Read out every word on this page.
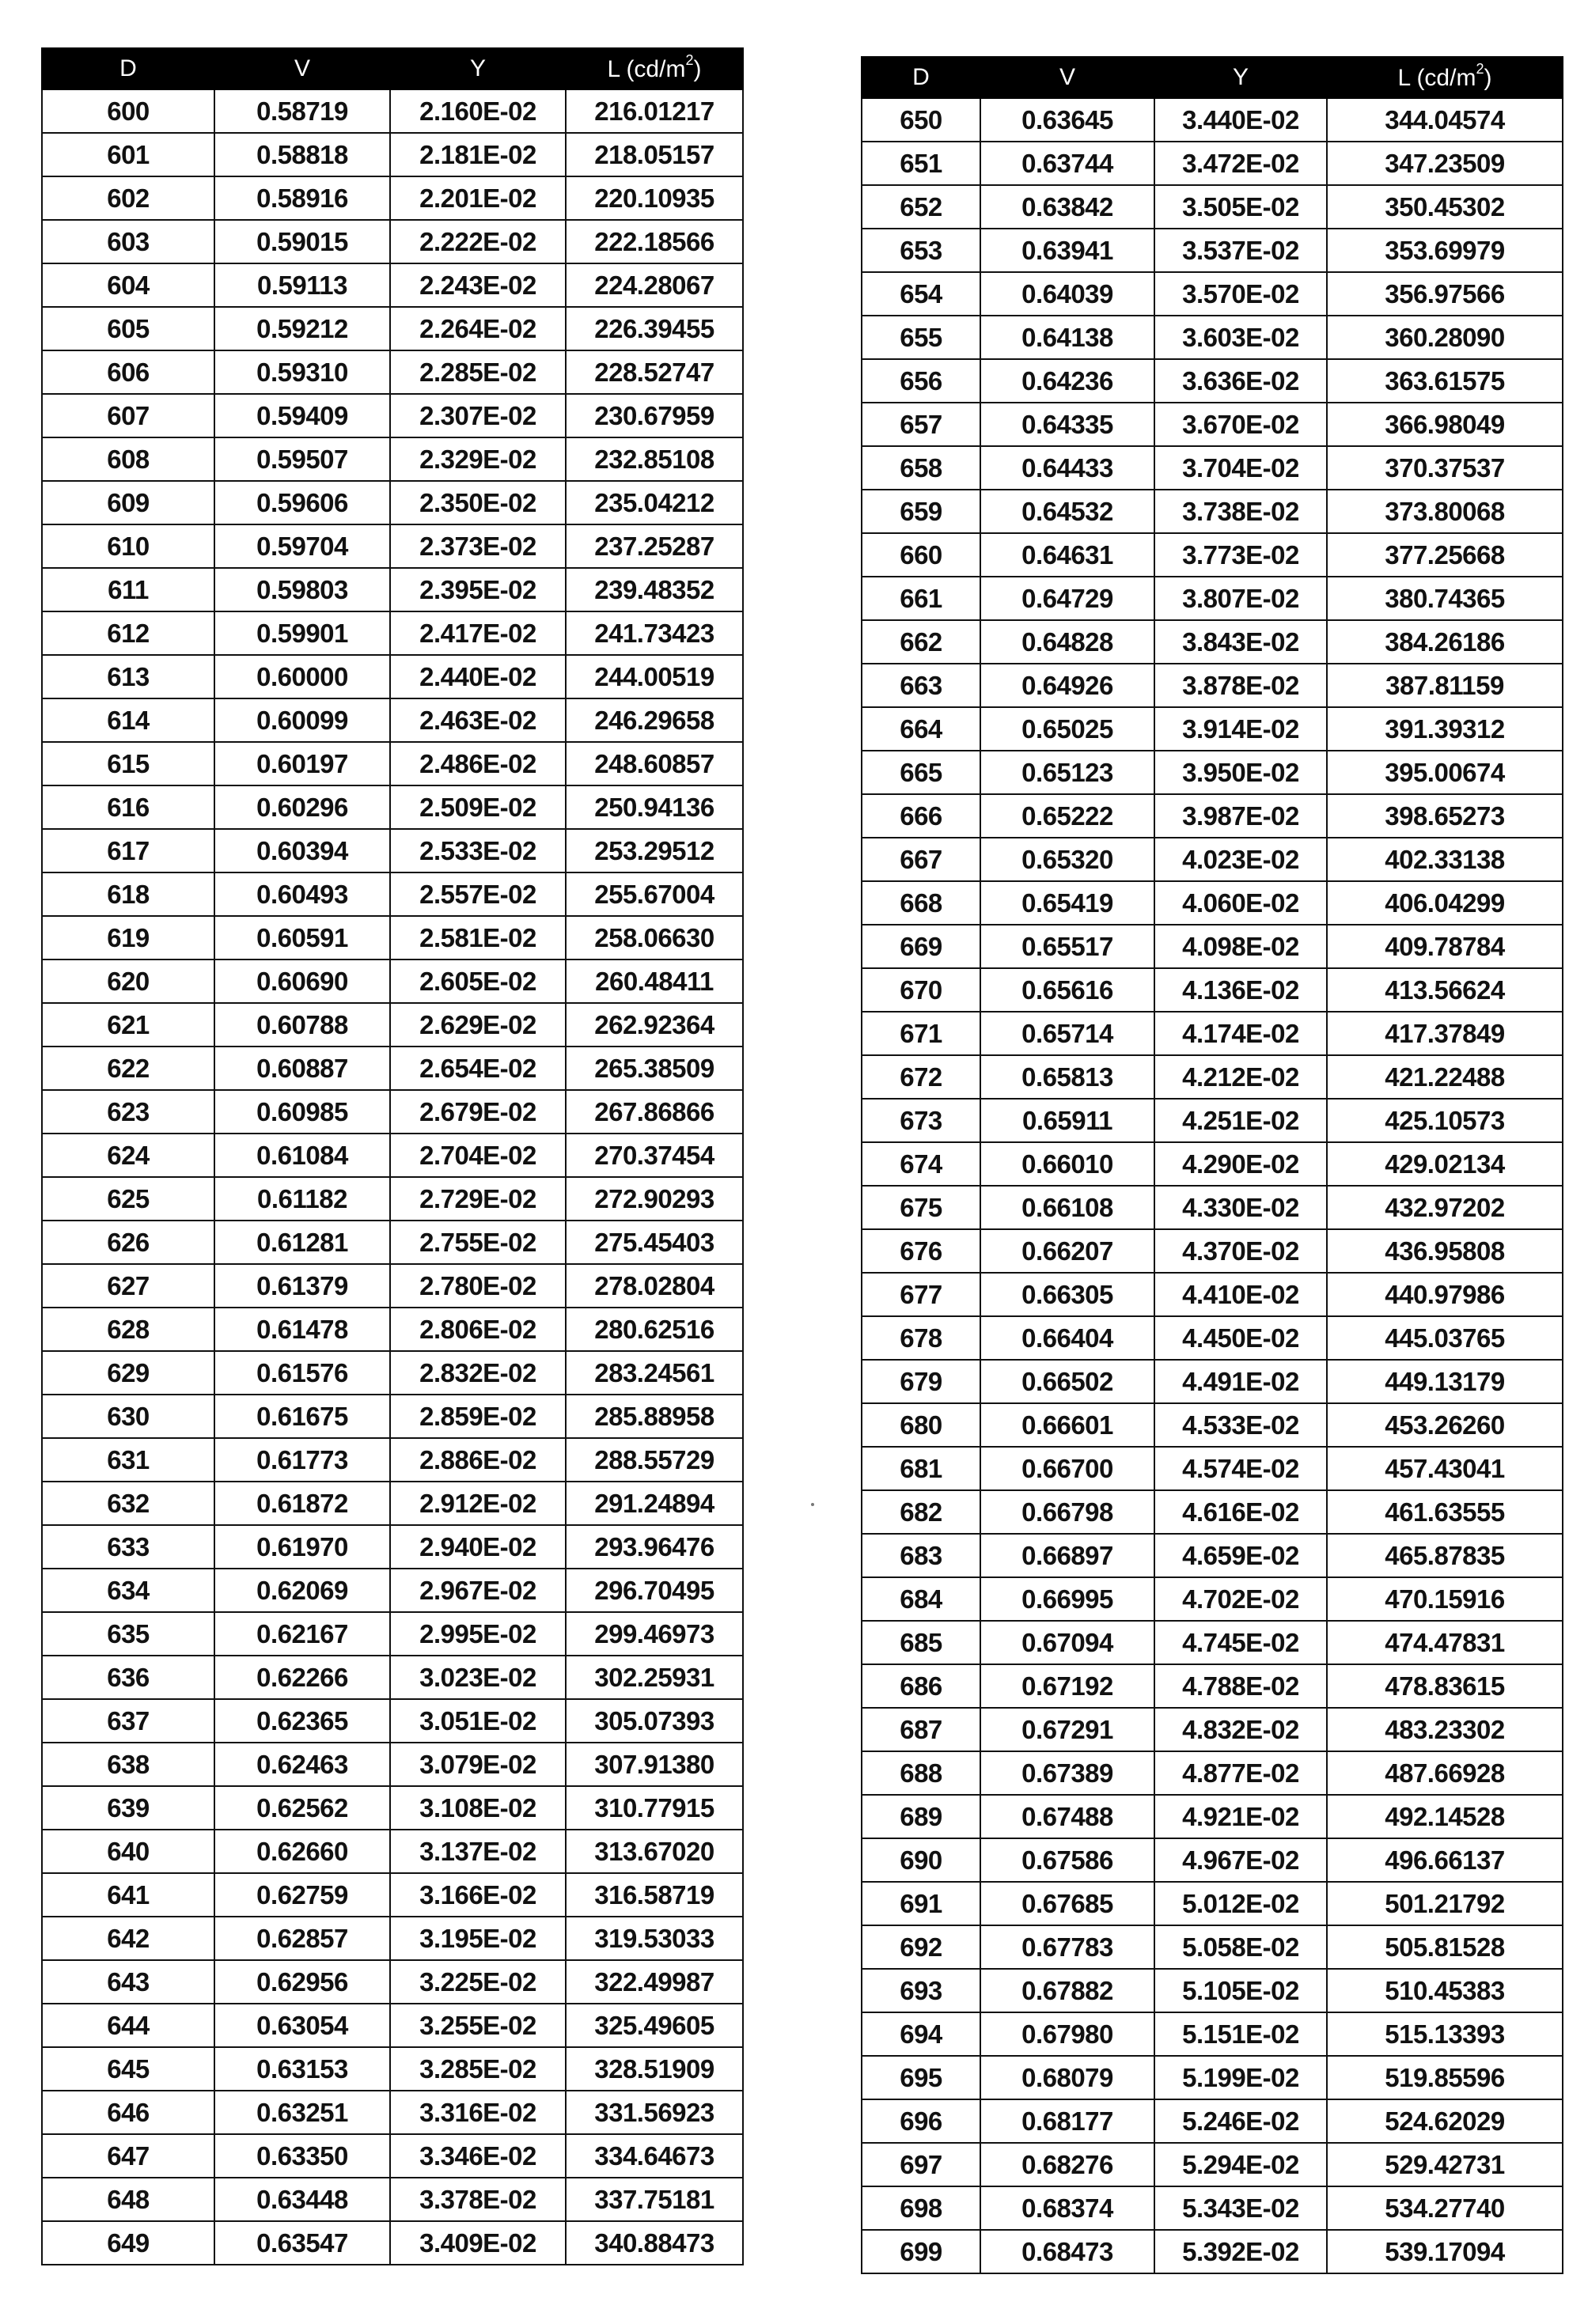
D	V	Y	L $(cd/m^2)$
600	0.58719	2.160E-02	216.01217
601	0.58818	2.181E-02	218.05157
602	0.58916	2.201E-02	220.10935
603	0.59015	2.222E-02	222.18566
604	0.59113	2.243E-02	224.28067
605	0.59212	2.264E-02	226.39455
606	0.59310	2.285E-02	228.52747
607	0.59409	2.307E-02	230.67959
608	0.59507	2.329E-02	232.85108
609	0.59606	2.350E-02	235.04212
610	0.59704	2.373E-02	237.25287
611	0.59803	2.395E-02	239.48352
612	0.59901	2.417E-02	241.73423
613	0.60000	2.440E-02	244.00519
614	0.60099	2.463E-02	246.29658
615	0.60197	2.486E-02	248.60857
616	0.60296	2.509E-02	250.94136
617	0.60394	2.533E-02	253.29512
618	0.60493	2.557E-02	255.67004
619	0.60591	2.581E-02	258.06630
620	0.60690	2.605E-02	260.48411
621	0.60788	2.629E-02	262.92364
622	0.60887	2.654E-02	265.38509
623	0.60985	2.679E-02	267.86866
624	0.61084	2.704E-02	270.37454
625	0.61182	2.729E-02	272.90293
626	0.61281	2.755E-02	275.45403
627	0.61379	2.780E-02	278.02804
628	0.61478	2.806E-02	280.62516
629	0.61576	2.832E-02	283.24561
630	0.61675	2.859E-02	285.88958
631	0.61773	2.886E-02	288.55729
632	0.61872	2.912E-02	291.24894
633	0.61970	2.940E-02	293.96476
634	0.62069	2.967E-02	296.70495
635	0.62167	2.995E-02	299.46973
636	0.62266	3.023E-02	302.25931
637	0.62365	3.051E-02	305.07393
638	0.62463	3.079E-02	307.91380
639	0.62562	3.108E-02	310.77915
640	0.62660	3.137E-02	313.67020
641	0.62759	3.166E-02	316.58719
642	0.62857	3.195E-02	319.53033
643	0.62956	3.225E-02	322.49987
644	0.63054	3.255E-02	325.49605
645	0.63153	3.285E-02	328.51909
646	0.63251	3.316E-02	331.56923
647	0.63350	3.346E-02	334.64673
648	0.63448	3.378E-02	337.75181
649	0.63547	3.409E-02	340.88473
D	V	Y	L $(cd/m^2)$
650	0.63645	3.440E-02	344.04574
651	0.63744	3.472E-02	347.23509
652	0.63842	3.505E-02	350.45302
653	0.63941	3.537E-02	353.69979
654	0.64039	3.570E-02	356.97566
655	0.64138	3.603E-02	360.28090
656	0.64236	3.636E-02	363.61575
657	0.64335	3.670E-02	366.98049
658	0.64433	3.704E-02	370.37537
659	0.64532	3.738E-02	373.80068
660	0.64631	3.773E-02	377.25668
661	0.64729	3.807E-02	380.74365
662	0.64828	3.843E-02	384.26186
663	0.64926	3.878E-02	387.81159
664	0.65025	3.914E-02	391.39312
665	0.65123	3.950E-02	395.00674
666	0.65222	3.987E-02	398.65273
667	0.65320	4.023E-02	402.33138
668	0.65419	4.060E-02	406.04299
669	0.65517	4.098E-02	409.78784
670	0.65616	4.136E-02	413.56624
671	0.65714	4.174E-02	417.37849
672	0.65813	4.212E-02	421.22488
673	0.65911	4.251E-02	425.10573
674	0.66010	4.290E-02	429.02134
675	0.66108	4.330E-02	432.97202
676	0.66207	4.370E-02	436.95808
677	0.66305	4.410E-02	440.97986
678	0.66404	4.450E-02	445.03765
679	0.66502	4.491E-02	449.13179
680	0.66601	4.533E-02	453.26260
681	0.66700	4.574E-02	457.43041
682	0.66798	4.616E-02	461.63555
683	0.66897	4.659E-02	465.87835
684	0.66995	4.702E-02	470.15916
685	0.67094	4.745E-02	474.47831
686	0.67192	4.788E-02	478.83615
687	0.67291	4.832E-02	483.23302
688	0.67389	4.877E-02	487.66928
689	0.67488	4.921E-02	492.14528
690	0.67586	4.967E-02	496.66137
691	0.67685	5.012E-02	501.21792
692	0.67783	5.058E-02	505.81528
693	0.67882	5.105E-02	510.45383
694	0.67980	5.151E-02	515.13393
695	0.68079	5.199E-02	519.85596
696	0.68177	5.246E-02	524.62029
697	0.68276	5.294E-02	529.42731
698	0.68374	5.343E-02	534.27740
699	0.68473	5.392E-02	539.17094
